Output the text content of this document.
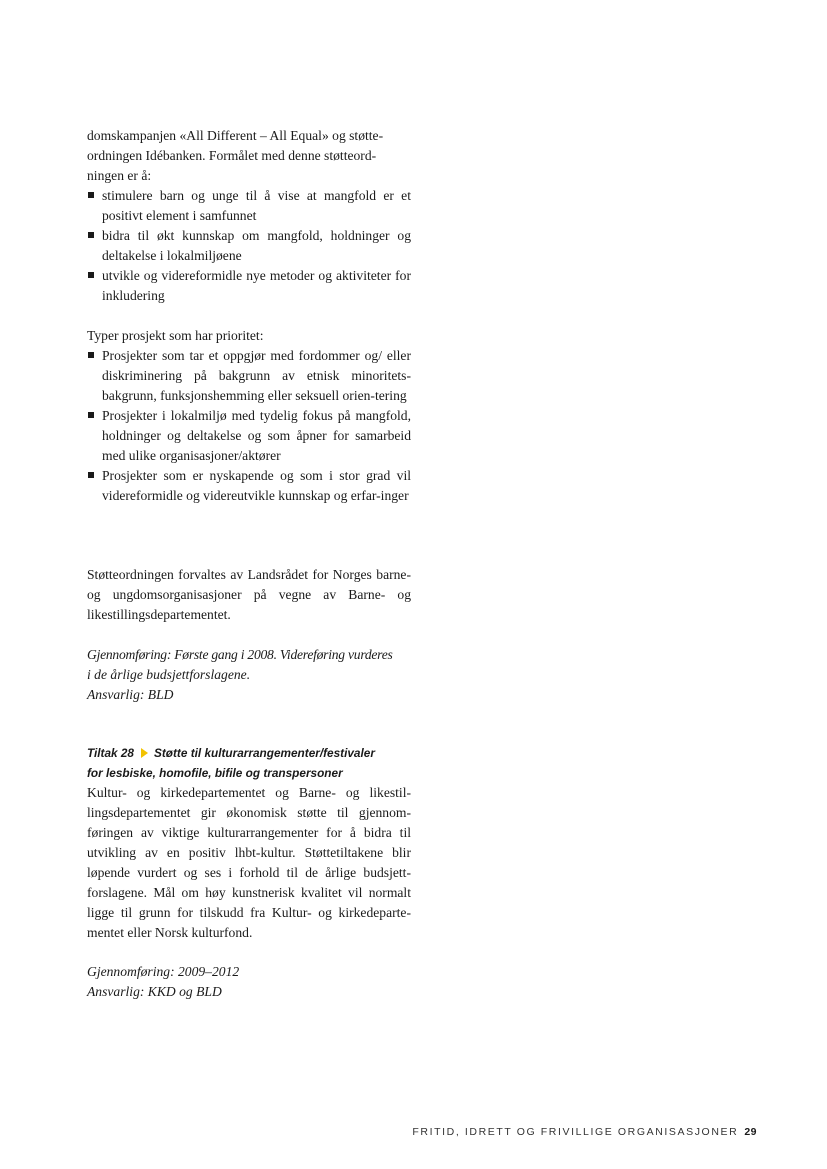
domskampanjen «All Different – All Equal» og støtte-

ordningen Idébanken. Formålet med denne støtteord-

ningen er å:

stimulere barn og unge til å vise at mangfold er et positivt element i samfunnet
bidra til økt kunnskap om mangfold, holdninger og deltakelse i lokalmiljøene
utvikle og videreformidle nye metoder og aktiviteter for inkludering

Typer prosjekt som har prioritet:

Prosjekter som tar et oppgjør med fordommer og/ eller diskriminering på bakgrunn av etnisk minoritets-bakgrunn, funksjonshemming eller seksuell orien-tering
Prosjekter i lokalmiljø med tydelig fokus på mangfold, holdninger og deltakelse og som åpner for samarbeid med ulike organisasjoner/aktører
Prosjekter som er nyskapende og som i stor grad vil videreformidle og videreutvikle kunnskap og erfar-inger

Støtteordningen forvaltes av Landsrådet for Norges barne- og ungdomsorganisasjoner på vegne av Barne- og likestillingsdepartementet.

Gjennomføring: Første gang i 2008. Videreføring vurderes

i de årlige budsjettforslagene.

Ansvarlig: BLD

Tiltak 28 Støtte til kulturarrangementer/festivaler

for lesbiske, homofile, bifile og transpersoner

Kultur- og kirkedepartementet og Barne- og likestil-lingsdepartementet gir økonomisk støtte til gjennom-føringen av viktige kulturarrangementer for å bidra til utvikling av en positiv lhbt-kultur. Støttetiltakene blir løpende vurdert og ses i forhold til de årlige budsjett-forslagene. Mål om høy kunstnerisk kvalitet vil normalt ligge til grunn for tilskudd fra Kultur- og kirkedeparte-mentet eller Norsk kulturfond.

Gjennomføring: 2009–2012

Ansvarlig: KKD og BLD

FRITID, IDRETT OG FRIVILLIGE ORGANISASJONER 29
